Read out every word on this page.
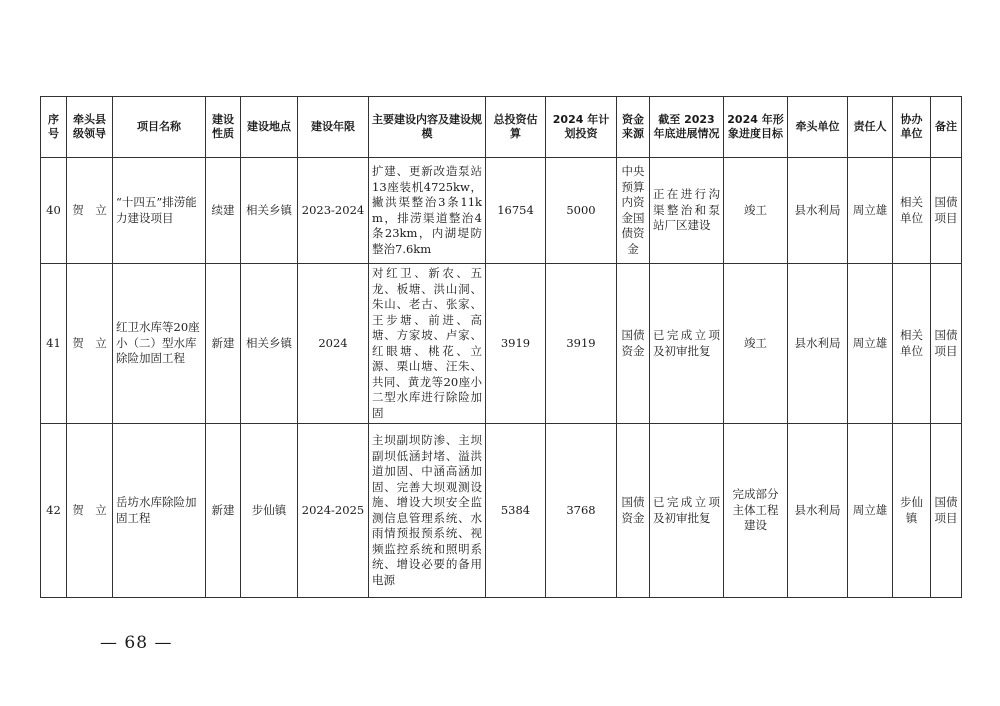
序号	牵头县级领导	项目名称	建设性质	建设地点	建设年限	主要建设内容及建设规模	总投资估算	2024 年计划投资	资金来源	截至 2023 年底进展情况	2024 年形象进度目标	牵头单位	责任人	协办单位	备注
40	贺　立	“十四五”排涝能力建设项目	续建	相关乡镇	2023-2024	扩建、更新改造泵站13座装机4725kw，撇洪渠整治3条11km，排涝渠道整治4条23km，内湖堤防整治7.6km	16754	5000	中央预算内资金国债资金	正在进行沟渠整治和泵站厂区建设	竣工	县水利局	周立雄	相关单位	国债项目
41	贺　立	红卫水库等20座小（二）型水库除险加固工程	新建	相关乡镇	2024	对红卫、新农、五龙、板塘、洪山洞、朱山、老古、张家、王步塘、前进、高塘、方家坡、卢家、红眼塘、桃花、立源、栗山塘、汪朱、共同、黄龙等20座小二型水库进行除险加固	3919	3919	国债资金	已完成立项及初审批复	竣工	县水利局	周立雄	相关单位	国债项目
42	贺　立	岳坊水库除险加固工程	新建	步仙镇	2024-2025	主坝副坝防渗、主坝副坝低涵封堵、溢洪道加固、中涵高涵加固、完善大坝观测设施、增设大坝安全监测信息管理系统、水雨情预报预系统、视频监控系统和照明系统、增设必要的备用电源	5384	3768	国债资金	已完成立项及初审批复	完成部分主体工程建设	县水利局	周立雄	步仙镇	国债项目
— 68 —
